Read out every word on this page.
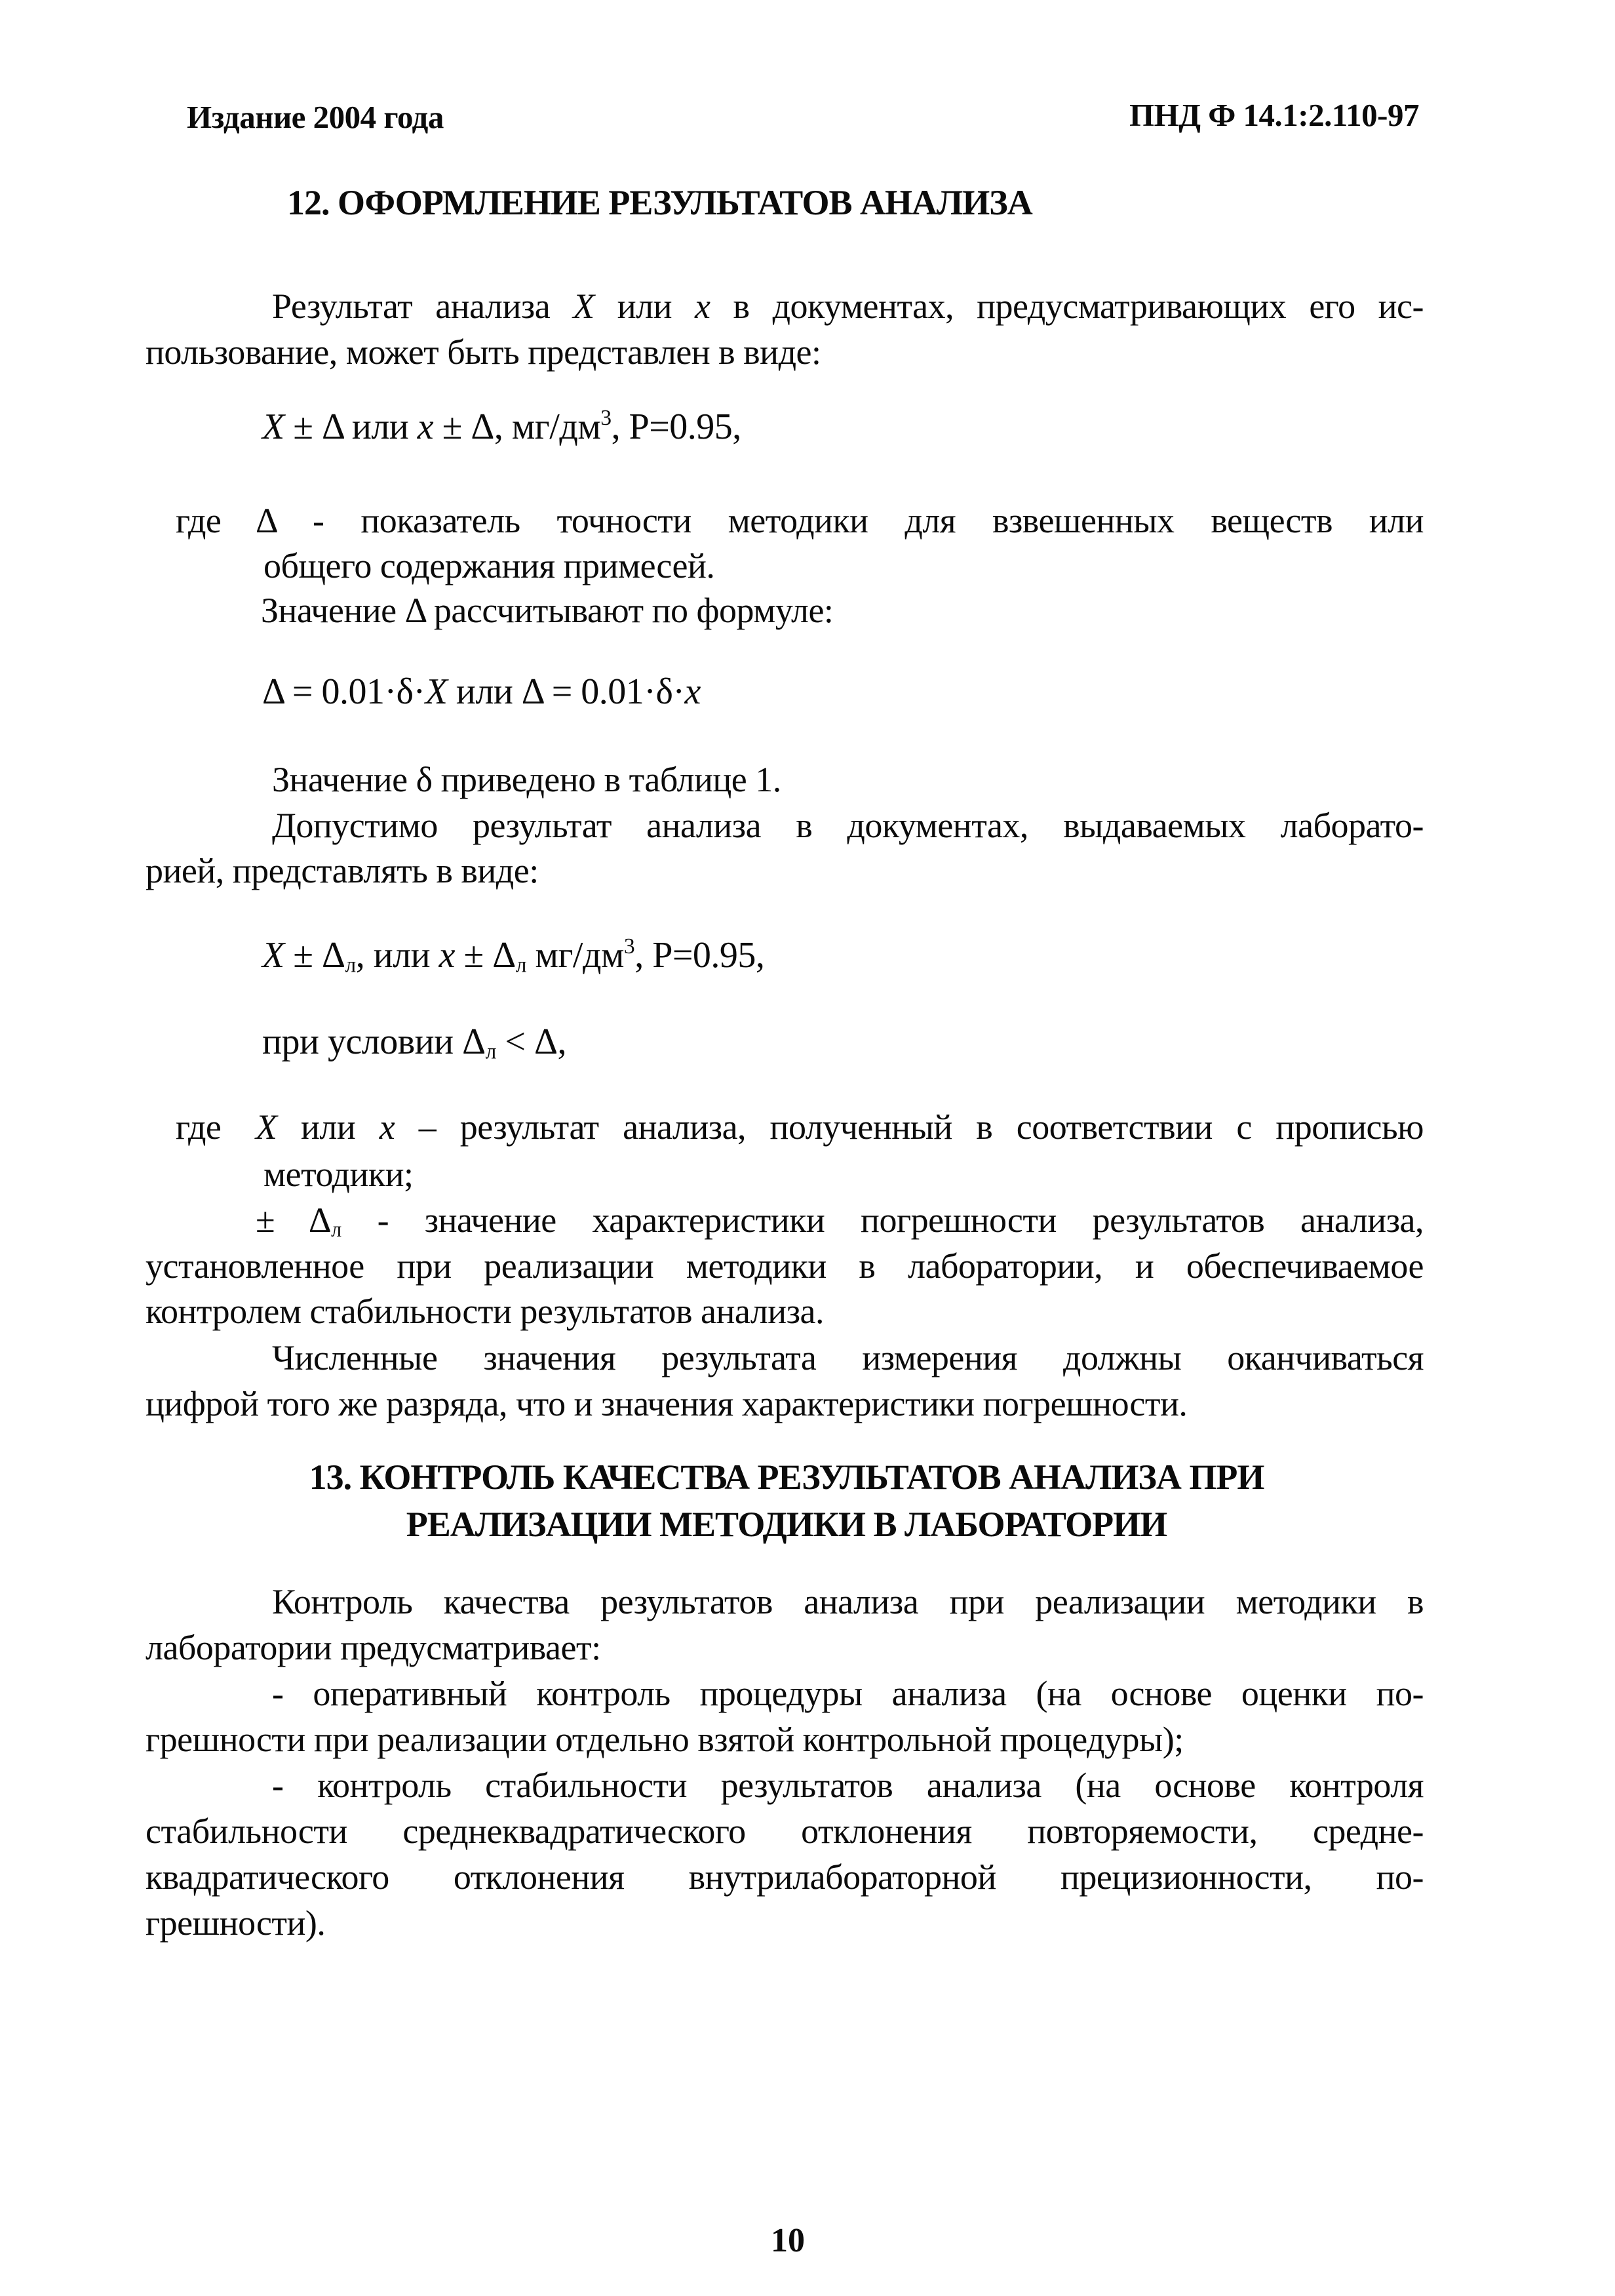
Издание 2004 года	ПНД Ф 14.1:2.110-97
12. ОФОРМЛЕНИЕ РЕЗУЛЬТАТОВ АНАЛИЗА
Результат анализа X или x в документах, предусматривающих его ис-
пользование, может быть представлен в виде:
X ± Δ или x ± Δ, $мг/дм^3$, Р=0.95,
где Δ - показатель точности методики для взвешенных веществ или
общего содержания примесей.
Значение Δ рассчитывают по формуле:
Δ = 0.01·δ·X или Δ = 0.01·δ·x
Значение δ приведено в таблице 1.
Допустимо результат анализа в документах, выдаваемых лаборато-
рией, представлять в виде:
$X \pm \Delta_л$, или $x \pm \Delta_л$ $мг/дм^3$, Р=0.95,
при условии $\Delta_л < \Delta$,
где X или x – результат анализа, полученный в соответствии с прописью
методики;
± $\Delta_л$ - значение характеристики погрешности результатов анализа,
установленное при реализации методики в лаборатории, и обеспечиваемое
контролем стабильности результатов анализа.
Численные значения результата измерения должны оканчиваться
цифрой того же разряда, что и значения характеристики погрешности.
13. КОНТРОЛЬ КАЧЕСТВА РЕЗУЛЬТАТОВ АНАЛИЗА ПРИ
РЕАЛИЗАЦИИ МЕТОДИКИ В ЛАБОРАТОРИИ
Контроль качества результатов анализа при реализации методики в
лаборатории предусматривает:
- оперативный контроль процедуры анализа (на основе оценки по-
грешности при реализации отдельно взятой контрольной процедуры);
- контроль стабильности результатов анализа (на основе контроля
стабильности среднеквадратического отклонения повторяемости, средне-
квадратического отклонения внутрилабораторной прецизионности, по-
грешности).
10
